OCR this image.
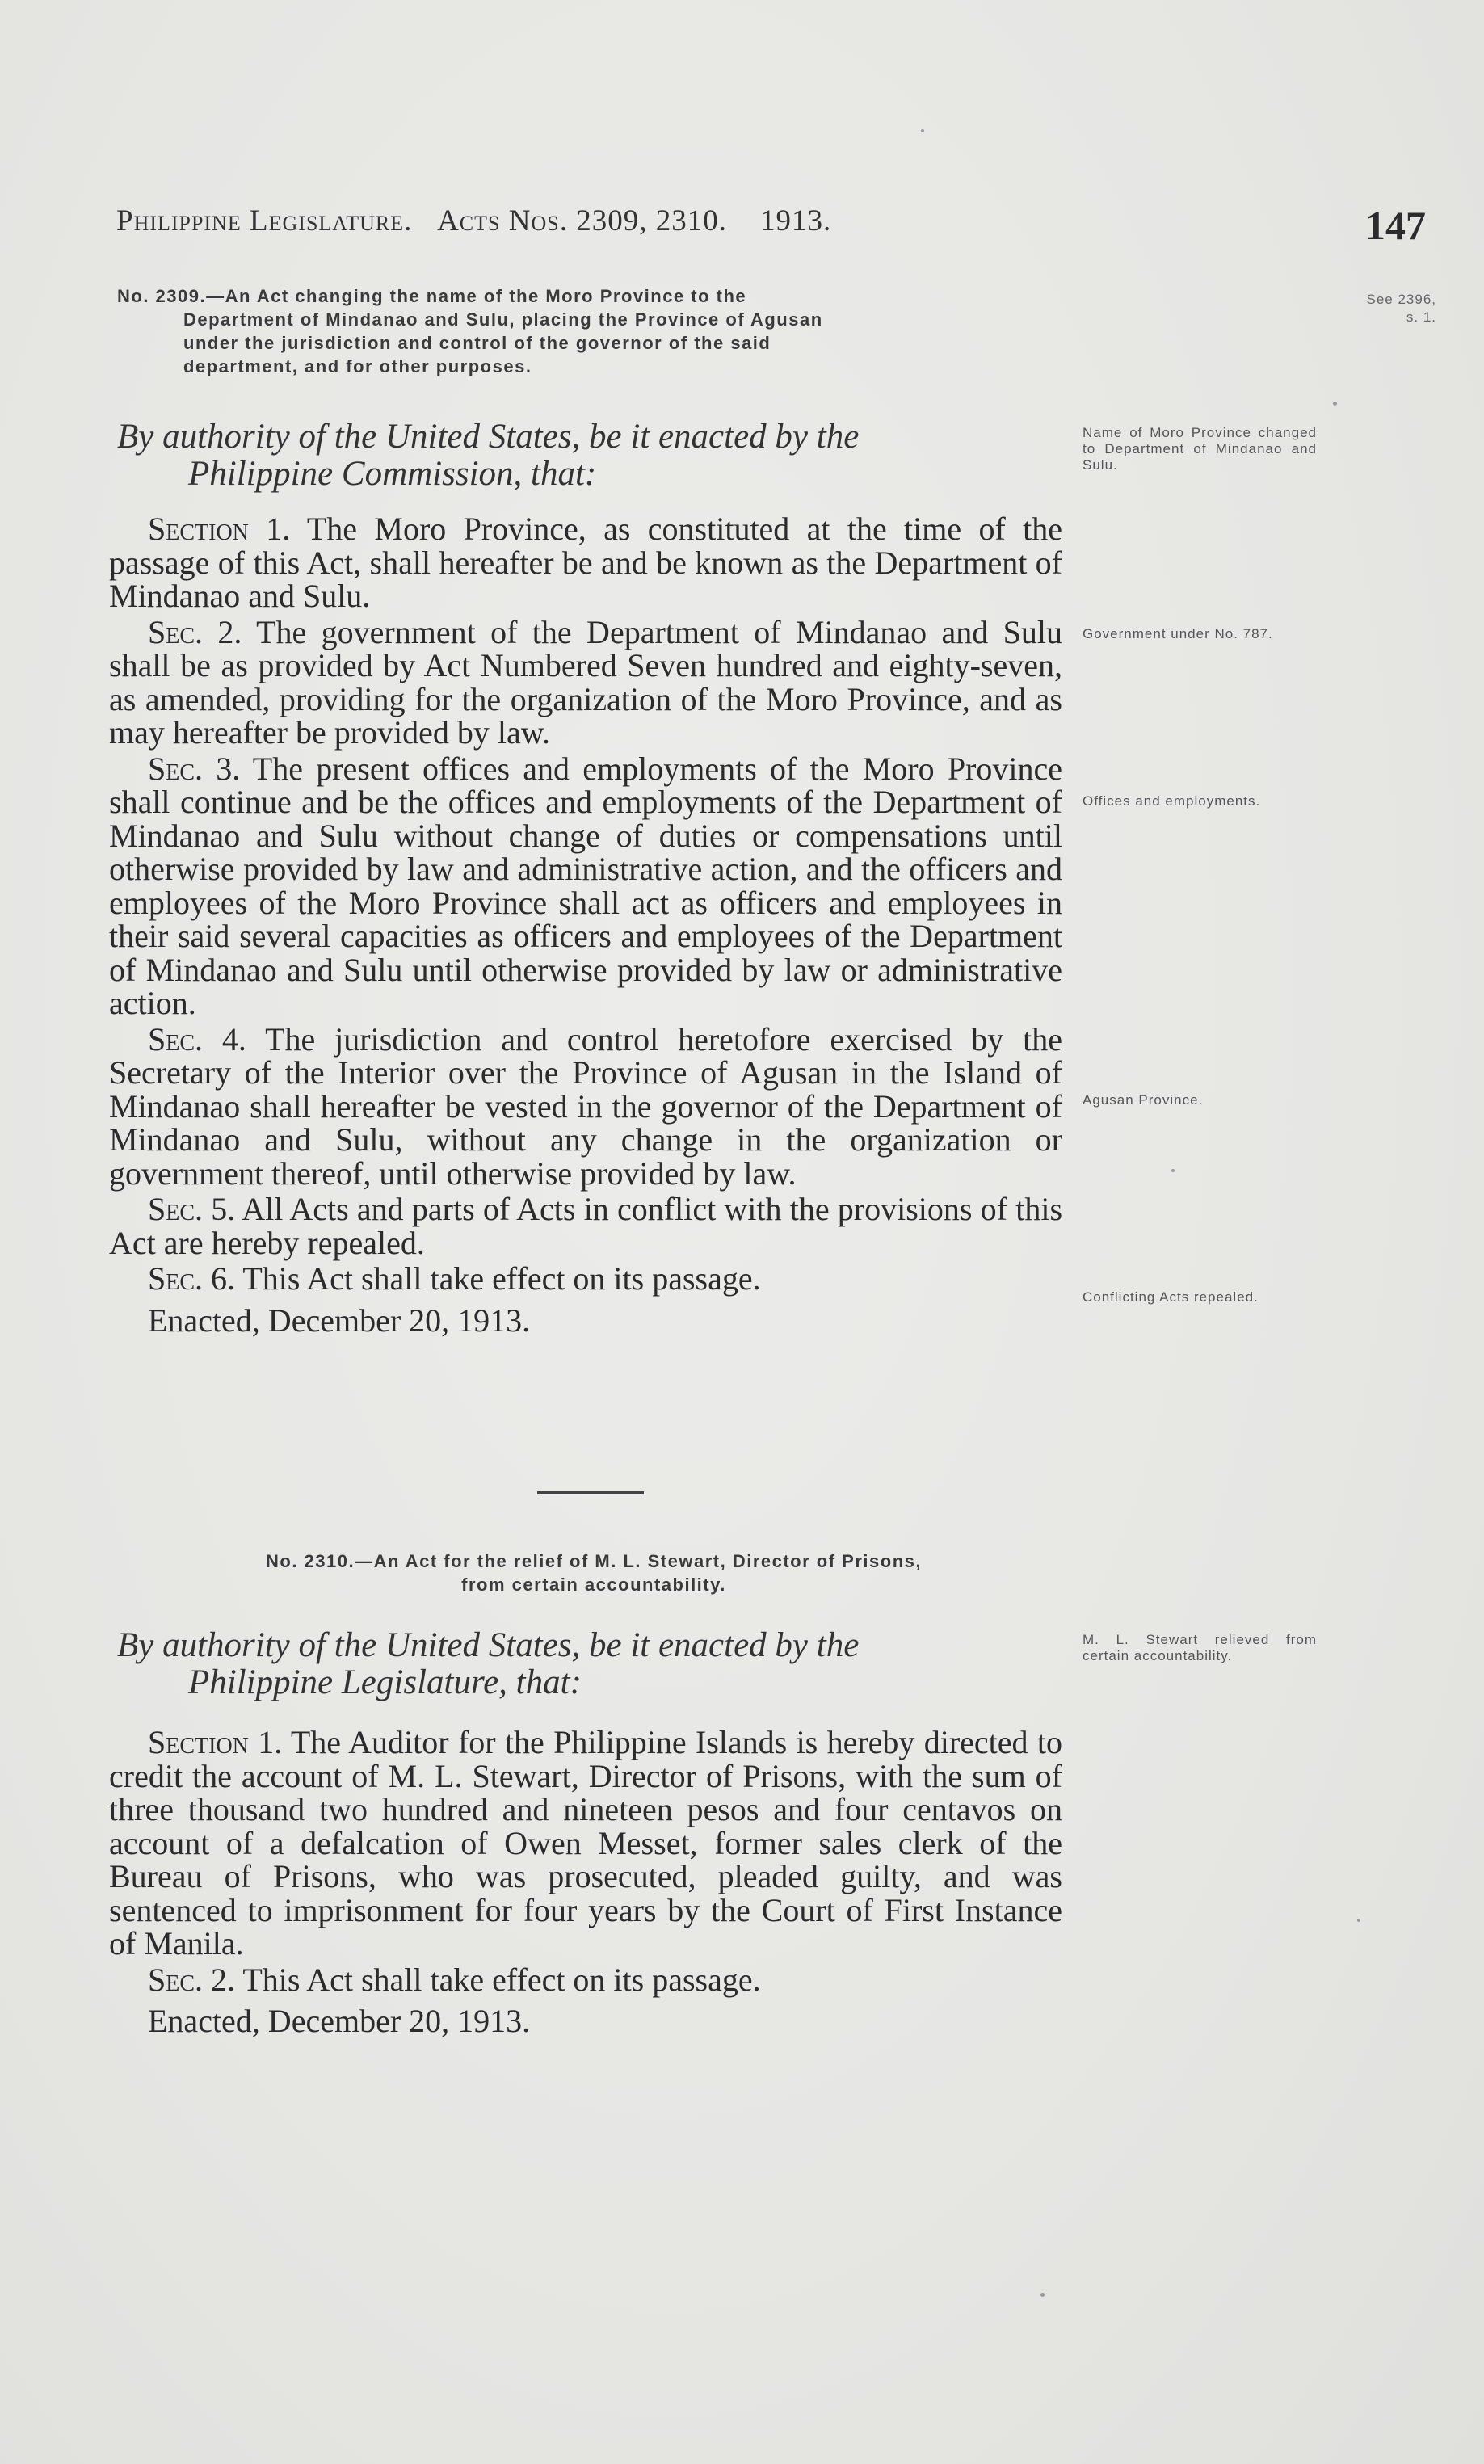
Philippine Legislature. Acts Nos. 2309, 2310. 1913.	147
See 2396,
s. 1.
No. 2309.—An Act changing the name of the Moro Province to the
Department of Mindanao and Sulu, placing the Province of Agusan
under the jurisdiction and control of the governor of the said
department, and for other purposes.
By authority of the United States, be it enacted by the
Philippine Commission, that:
Name of Moro Province changed to Department of Mindanao and Sulu.
Government under No. 787.
Offices and employments.
Agusan Province.
Conflicting Acts repealed.

Section 1. The Moro Province, as constituted at the time of the passage of this Act, shall hereafter be and be known as the Department of Mindanao and Sulu.

Sec. 2. The government of the Department of Mindanao and Sulu shall be as provided by Act Numbered Seven hundred and eighty-seven, as amended, providing for the organization of the Moro Province, and as may hereafter be provided by law.

Sec. 3. The present offices and employments of the Moro Province shall continue and be the offices and employments of the Department of Mindanao and Sulu without change of duties or compensations until otherwise provided by law and administrative action, and the officers and employees of the Moro Province shall act as officers and employees in their said several capacities as officers and employees of the Department of Mindanao and Sulu until otherwise provided by law or administrative action.

Sec. 4. The jurisdiction and control heretofore exercised by the Secretary of the Interior over the Province of Agusan in the Island of Mindanao shall hereafter be vested in the governor of the Department of Mindanao and Sulu, without any change in the organization or government thereof, until otherwise provided by law.

Sec. 5. All Acts and parts of Acts in conflict with the provisions of this Act are hereby repealed.

Sec. 6. This Act shall take effect on its passage.

Enacted, December 20, 1913.

No. 2310.—An Act for the relief of M. L. Stewart, Director of Prisons,
from certain accountability.
By authority of the United States, be it enacted by the
Philippine Legislature, that:
M. L. Stewart relieved from certain accountability.

Section 1. The Auditor for the Philippine Islands is hereby directed to credit the account of M. L. Stewart, Director of Prisons, with the sum of three thousand two hundred and nineteen pesos and four centavos on account of a defalcation of Owen Messet, former sales clerk of the Bureau of Prisons, who was prosecuted, pleaded guilty, and was sentenced to imprisonment for four years by the Court of First Instance of Manila.

Sec. 2. This Act shall take effect on its passage.

Enacted, December 20, 1913.
